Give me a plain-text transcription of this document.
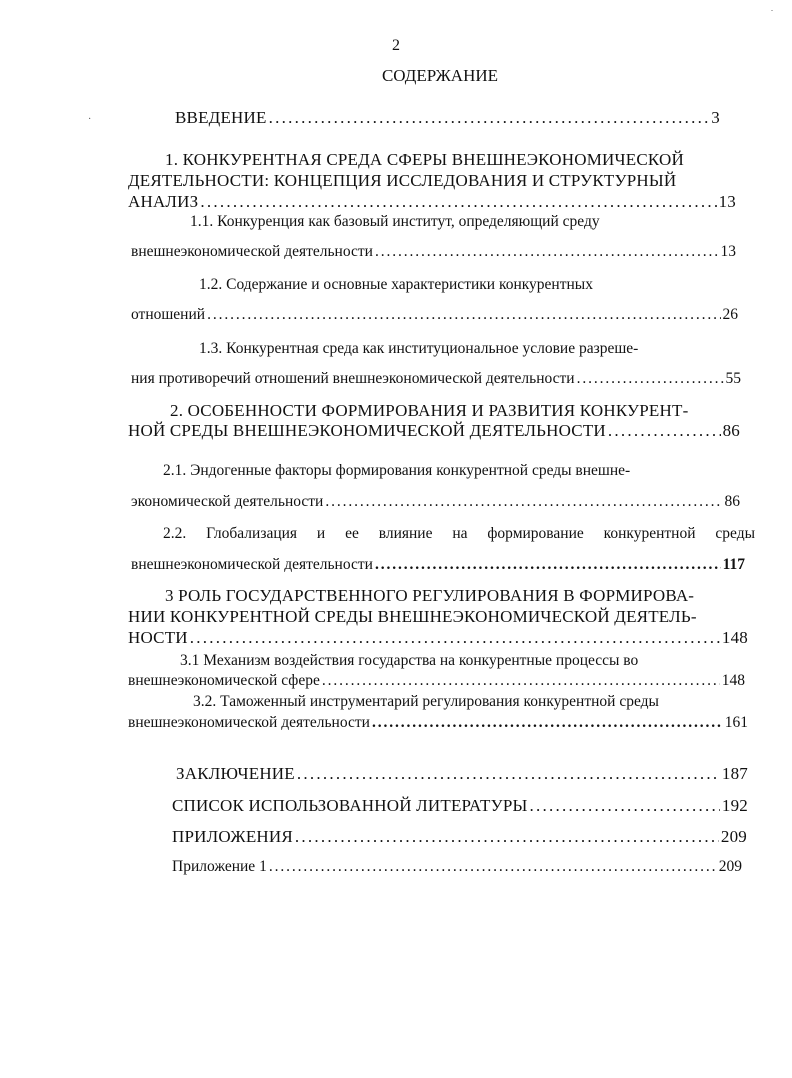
.
2
СОДЕРЖАНИЕ
·	ВВЕДЕНИЕ . . .	3
1. КОНКУРЕНТНАЯ СРЕДА СФЕРЫ ВНЕШНЕЭКОНОМИЧЕСКОЙ
ДЕЯТЕЛЬНОСТИ: КОНЦЕПЦИЯ ИССЛЕДОВАНИЯ И СТРУКТУРНЫЙ
АНАЛИЗ . . .	13
1.1. Конкуренция как базовый институт, определяющий среду
внешнеэкономической деятельности . . .	13
1.2. Содержание и основные характеристики конкурентных
отношений . . .	26
1.3. Конкурентная среда как институциональное условие разреше-
ния противоречий отношений внешнеэкономической деятельности . . .	55
2. ОСОБЕННОСТИ ФОРМИРОВАНИЯ И РАЗВИТИЯ КОНКУРЕНТ-
НОЙ СРЕДЫ ВНЕШНЕЭКОНОМИЧЕСКОЙ ДЕЯТЕЛЬНОСТИ . . .	86
2.1. Эндогенные факторы формирования конкурентной среды внешне-
экономической деятельности . . .	86
2.2. Глобализация и ее влияние на формирование конкурентной среды
внешнеэкономической деятельности . . .	117
3 РОЛЬ ГОСУДАРСТВЕННОГО РЕГУЛИРОВАНИЯ В ФОРМИРОВА-
НИИ КОНКУРЕНТНОЙ СРЕДЫ ВНЕШНЕЭКОНОМИЧЕСКОЙ ДЕЯТЕЛЬ-
НОСТИ . . .	148
3.1 Механизм воздействия государства на конкурентные процессы во
внешнеэкономической сфере . . .	148
3.2. Таможенный инструментарий регулирования конкурентной среды
внешнеэкономической деятельности . . .	161
ЗАКЛЮЧЕНИЕ . . .	187
СПИСОК ИСПОЛЬЗОВАННОЙ ЛИТЕРАТУРЫ . . .	192
ПРИЛОЖЕНИЯ . . .	209
Приложение 1 . . .	209
